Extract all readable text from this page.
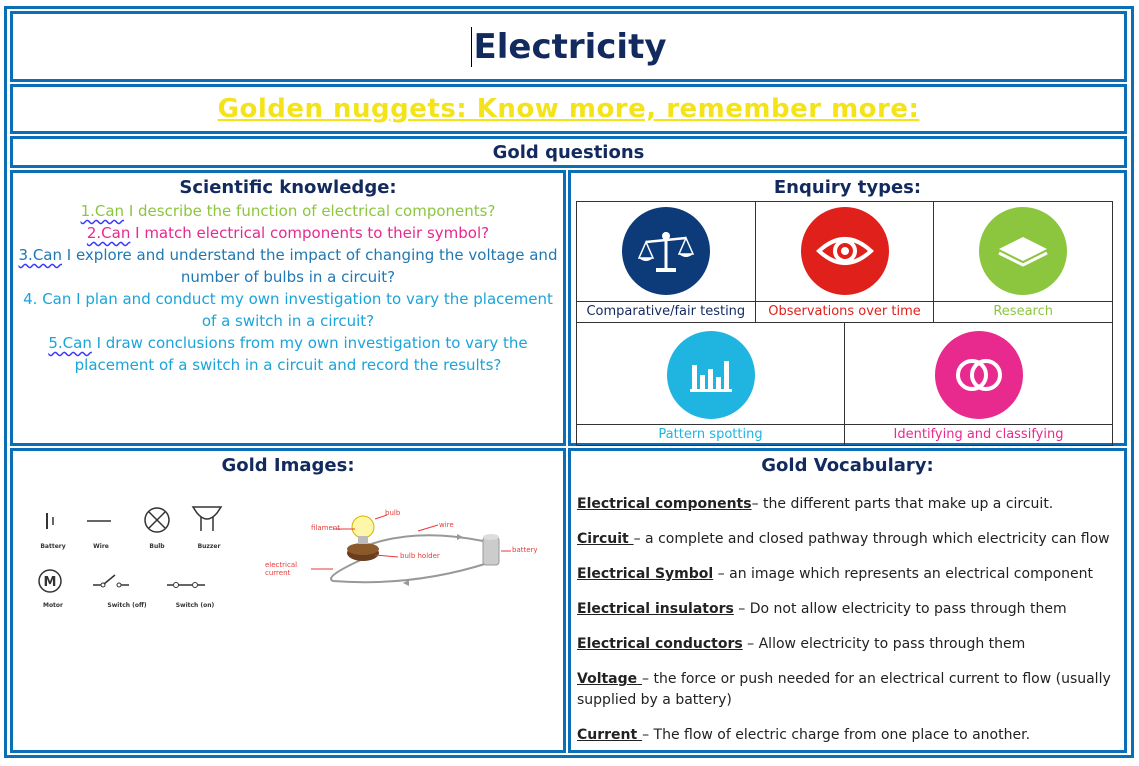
Electricity
Golden nuggets: Know more, remember more:
Gold questions
Scientific knowledge:
1.Can I describe the function of electrical components?
2.Can I match electrical components to their symbol?
3.Can I explore and understand the impact of changing the voltage and number of bulbs in a circuit?
4. Can I plan and conduct my own investigation to vary the placement of a switch in a circuit?
5.Can I draw conclusions from my own investigation to vary the placement of a switch in a circuit and record the results?
Enquiry types:
Comparative/fair testing	Observations over time	Research
Pattern spotting	Identifying and classifying
Gold Images:
M
Battery	Wire	Bulb	Buzzer
Motor	Switch (off)	Switch (on)
bulb
filament	wire
bulb holder
battery
electrical current
Gold Vocabulary:

Electrical components– the different parts that make up a circuit.

Circuit – a complete and closed pathway through which electricity can flow

Electrical Symbol – an image which represents an electrical component

Electrical insulators – Do not allow electricity to pass through them

Electrical conductors – Allow electricity to pass through them

Voltage – the force or push needed for an electrical current to flow (usually supplied by a battery)

Current – The flow of electric charge from one place to another.
